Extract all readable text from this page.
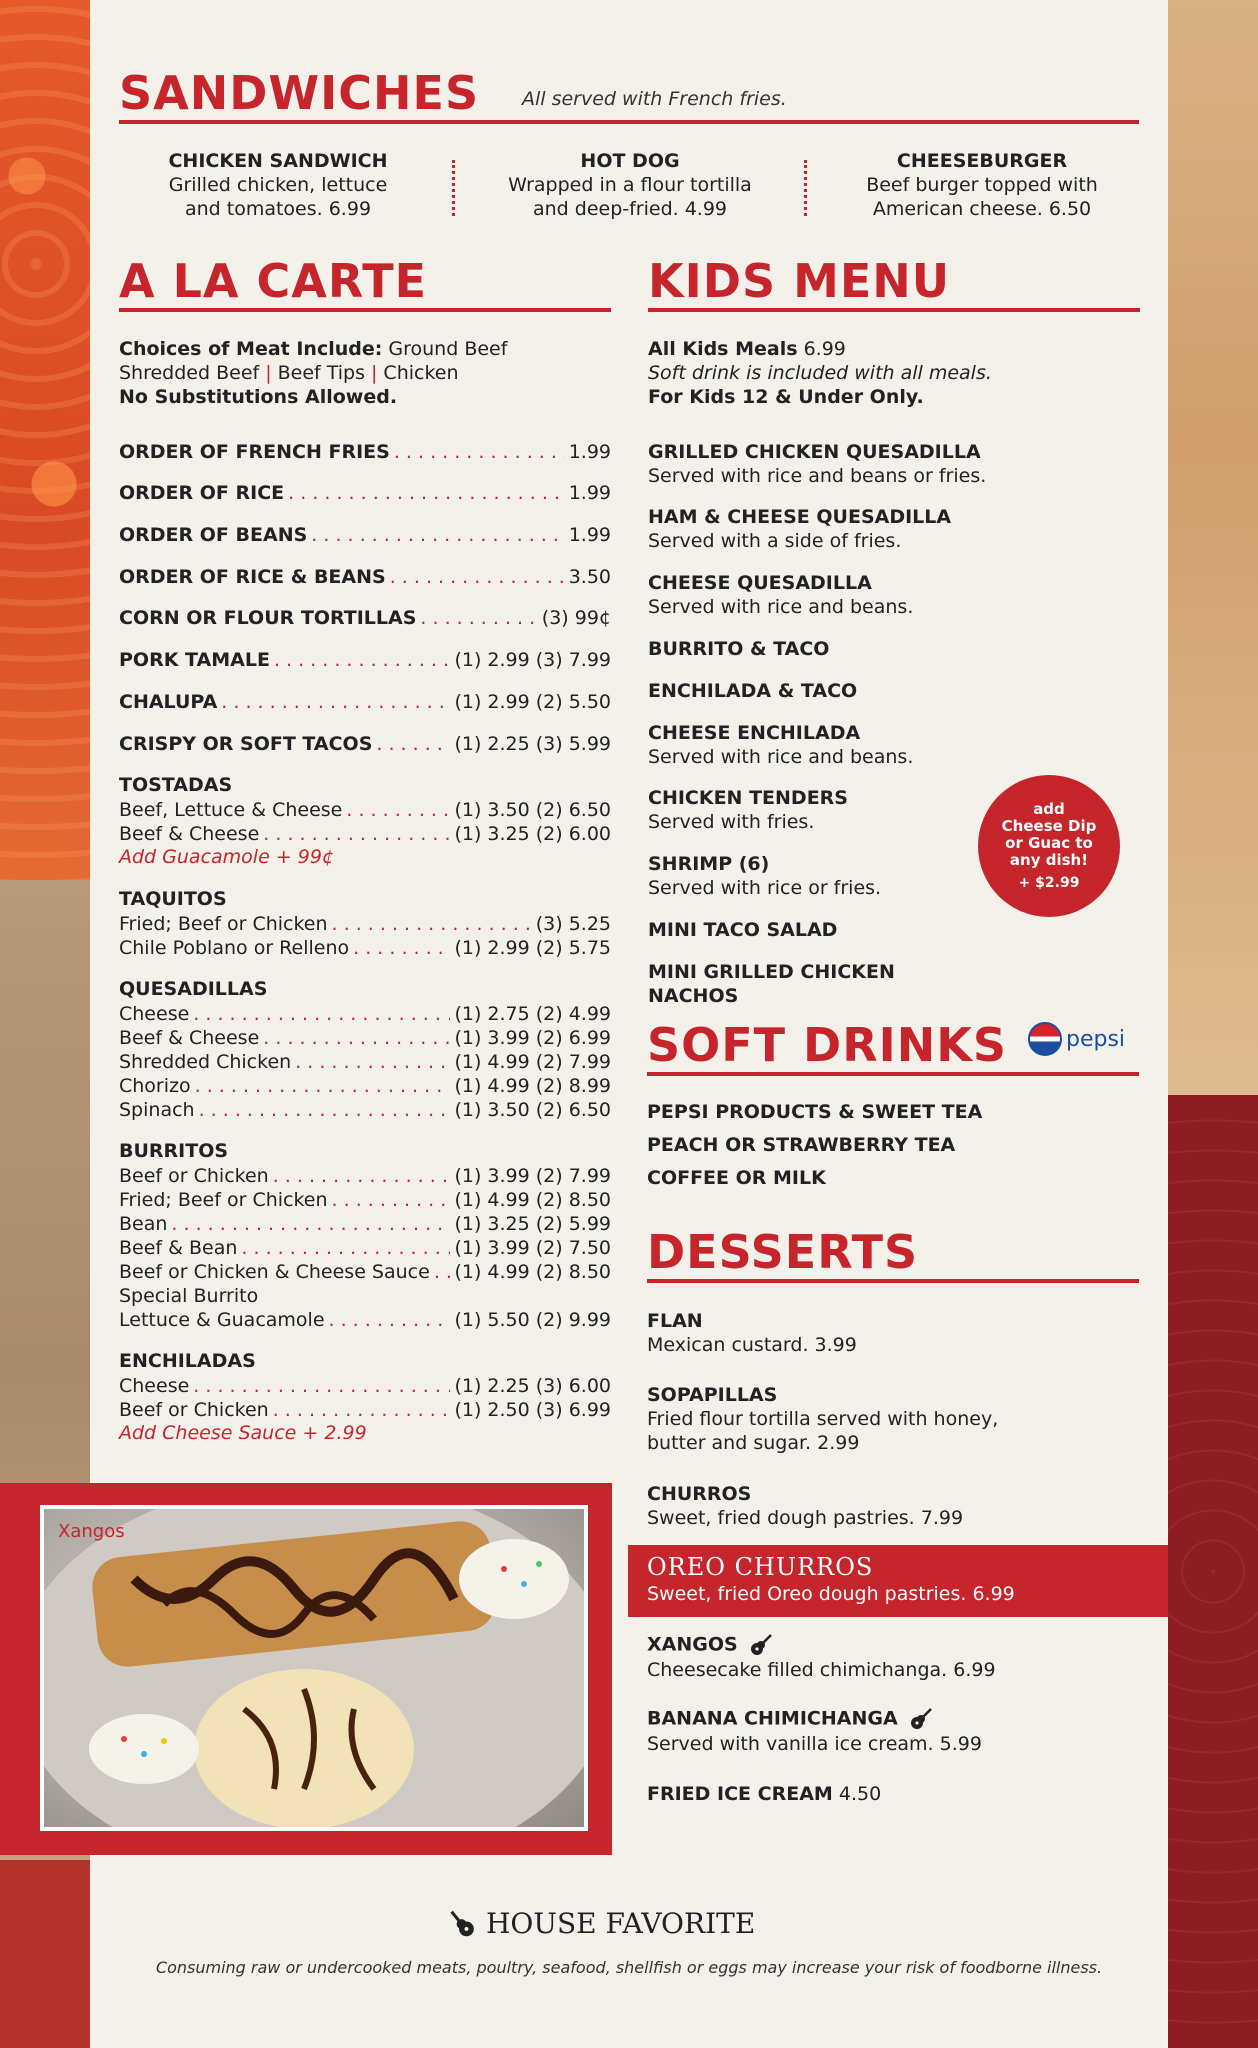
SANDWICHES All served with French fries.
CHICKEN SANDWICH
Grilled chicken, lettuce
and tomatoes. 6.99
HOT DOG
Wrapped in a flour tortilla
and deep-fried. 4.99
CHEESEBURGER
Beef burger topped with
American cheese. 6.50
A LA CARTE
Choices of Meat Include: Ground Beef
Shredded Beef | Beef Tips | Chicken
No Substitutions Allowed.
ORDER OF FRENCH FRIES . . .	1.99
ORDER OF RICE . . .	1.99
ORDER OF BEANS . . .	1.99
ORDER OF RICE & BEANS . . .	3.50
CORN OR FLOUR TORTILLAS . . .	(3) 99¢
PORK TAMALE . . .	(1) 2.99 (3) 7.99
CHALUPA . . .	(1) 2.99 (2) 5.50
CRISPY OR SOFT TACOS . . .	(1) 2.25 (3) 5.99
TOSTADAS
Beef, Lettuce & Cheese . . .	(1) 3.50 (2) 6.50
Beef & Cheese . . .	(1) 3.25 (2) 6.00
Add Guacamole + 99¢
TAQUITOS
Fried; Beef or Chicken . . .	(3) 5.25
Chile Poblano or Relleno . . .	(1) 2.99 (2) 5.75
QUESADILLAS
Cheese . . .	(1) 2.75 (2) 4.99
Beef & Cheese . . .	(1) 3.99 (2) 6.99
Shredded Chicken . . .	(1) 4.99 (2) 7.99
Chorizo . . .	(1) 4.99 (2) 8.99
Spinach . . .	(1) 3.50 (2) 6.50
BURRITOS
Beef or Chicken . . .	(1) 3.99 (2) 7.99
Fried; Beef or Chicken . . .	(1) 4.99 (2) 8.50
Bean . . .	(1) 3.25 (2) 5.99
Beef & Bean . . .	(1) 3.99 (2) 7.50
Beef or Chicken & Cheese Sauce . . . (1) 4.99 (2) 8.50
Special Burrito
Lettuce & Guacamole . . .	(1) 5.50 (2) 9.99
ENCHILADAS
Cheese . . .	(1) 2.25 (3) 6.00
Beef or Chicken . . .	(1) 2.50 (3) 6.99
Add Cheese Sauce + 2.99
KIDS MENU
All Kids Meals 6.99
Soft drink is included with all meals.
For Kids 12 & Under Only.
GRILLED CHICKEN QUESADILLA
Served with rice and beans or fries.
HAM & CHEESE QUESADILLA
Served with a side of fries.
CHEESE QUESADILLA
Served with rice and beans.
BURRITO & TACO
ENCHILADA & TACO
CHEESE ENCHILADA
Served with rice and beans.
CHICKEN TENDERS
Served with fries.
SHRIMP (6)
Served with rice or fries.
MINI TACO SALAD
MINI GRILLED CHICKEN NACHOS
add
Cheese Dip
or Guac to
any dish!
+ $2.99
SOFT DRINKS	pepsi
PEPSI PRODUCTS & SWEET TEA
PEACH OR STRAWBERRY TEA
COFFEE OR MILK
DESSERTS
FLAN
Mexican custard. 3.99
SOPAPILLAS
Fried flour tortilla served with honey,
butter and sugar. 2.99
CHURROS
Sweet, fried dough pastries. 7.99
OREO CHURROS
Sweet, fried Oreo dough pastries. 6.99
XANGOS
Cheesecake filled chimichanga. 6.99
BANANA CHIMICHANGA
Served with vanilla ice cream. 5.99
FRIED ICE CREAM 4.50
Xangos
HOUSE FAVORITE
Consuming raw or undercooked meats, poultry, seafood, shellfish or eggs may increase your risk of foodborne illness.
